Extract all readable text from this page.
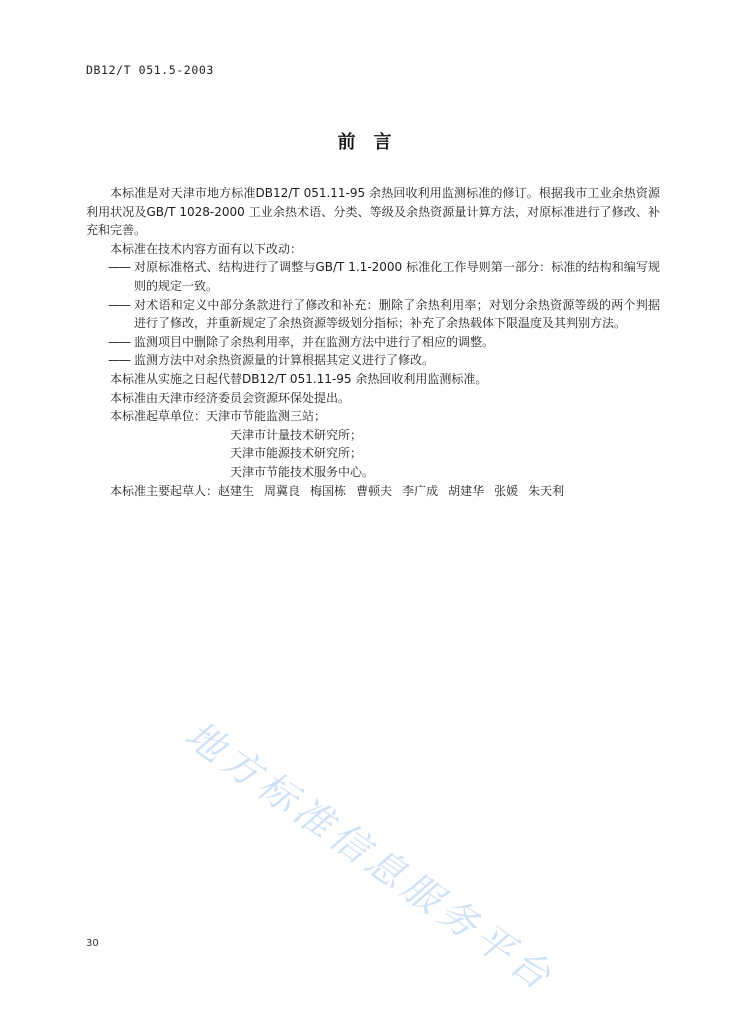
DB12/T 051.5-2003
前　言

本标准是对天津市地方标准DB12/T 051.11-95 余热回收利用监测标准的修订。根据我市工业余热资源利用状况及GB/T 1028-2000 工业余热术语、分类、等级及余热资源量计算方法，对原标准进行了修改、补充和完善。

本标准在技术内容方面有以下改动：

—— 对原标准格式、结构进行了调整与GB/T 1.1-2000 标准化工作导则第一部分：标准的结构和编写规则的规定一致。
—— 对术语和定义中部分条款进行了修改和补充：删除了余热利用率；对划分余热资源等级的两个判据进行了修改，并重新规定了余热资源等级划分指标；补充了余热载体下限温度及其判别方法。
—— 监测项目中删除了余热利用率，并在监测方法中进行了相应的调整。
—— 监测方法中对余热资源量的计算根据其定义进行了修改。

本标准从实施之日起代替DB12/T 051.11-95 余热回收利用监测标准。

本标准由天津市经济委员会资源环保处提出。

本标准起草单位：天津市节能监测三站；

天津市计量技术研究所；

天津市能源技术研究所；

天津市节能技术服务中心。

本标准主要起草人：赵建生 周冀良 梅国栋 曹顿夫 李广成 胡建华 张媛 朱天利

地方标准信息服务平台
30
